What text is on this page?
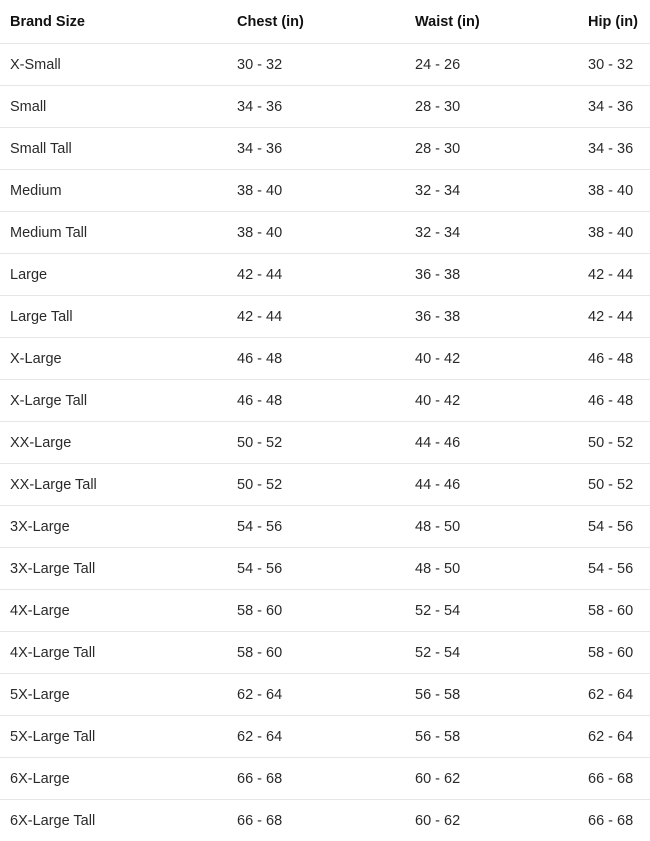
Brand Size	Chest (in)	Waist (in)	Hip (in)
X-Small	30 - 32	24 - 26	30 - 32
Small	34 - 36	28 - 30	34 - 36
Small Tall	34 - 36	28 - 30	34 - 36
Medium	38 - 40	32 - 34	38 - 40
Medium Tall	38 - 40	32 - 34	38 - 40
Large	42 - 44	36 - 38	42 - 44
Large Tall	42 - 44	36 - 38	42 - 44
X-Large	46 - 48	40 - 42	46 - 48
X-Large Tall	46 - 48	40 - 42	46 - 48
XX-Large	50 - 52	44 - 46	50 - 52
XX-Large Tall	50 - 52	44 - 46	50 - 52
3X-Large	54 - 56	48 - 50	54 - 56
3X-Large Tall	54 - 56	48 - 50	54 - 56
4X-Large	58 - 60	52 - 54	58 - 60
4X-Large Tall	58 - 60	52 - 54	58 - 60
5X-Large	62 - 64	56 - 58	62 - 64
5X-Large Tall	62 - 64	56 - 58	62 - 64
6X-Large	66 - 68	60 - 62	66 - 68
6X-Large Tall	66 - 68	60 - 62	66 - 68
